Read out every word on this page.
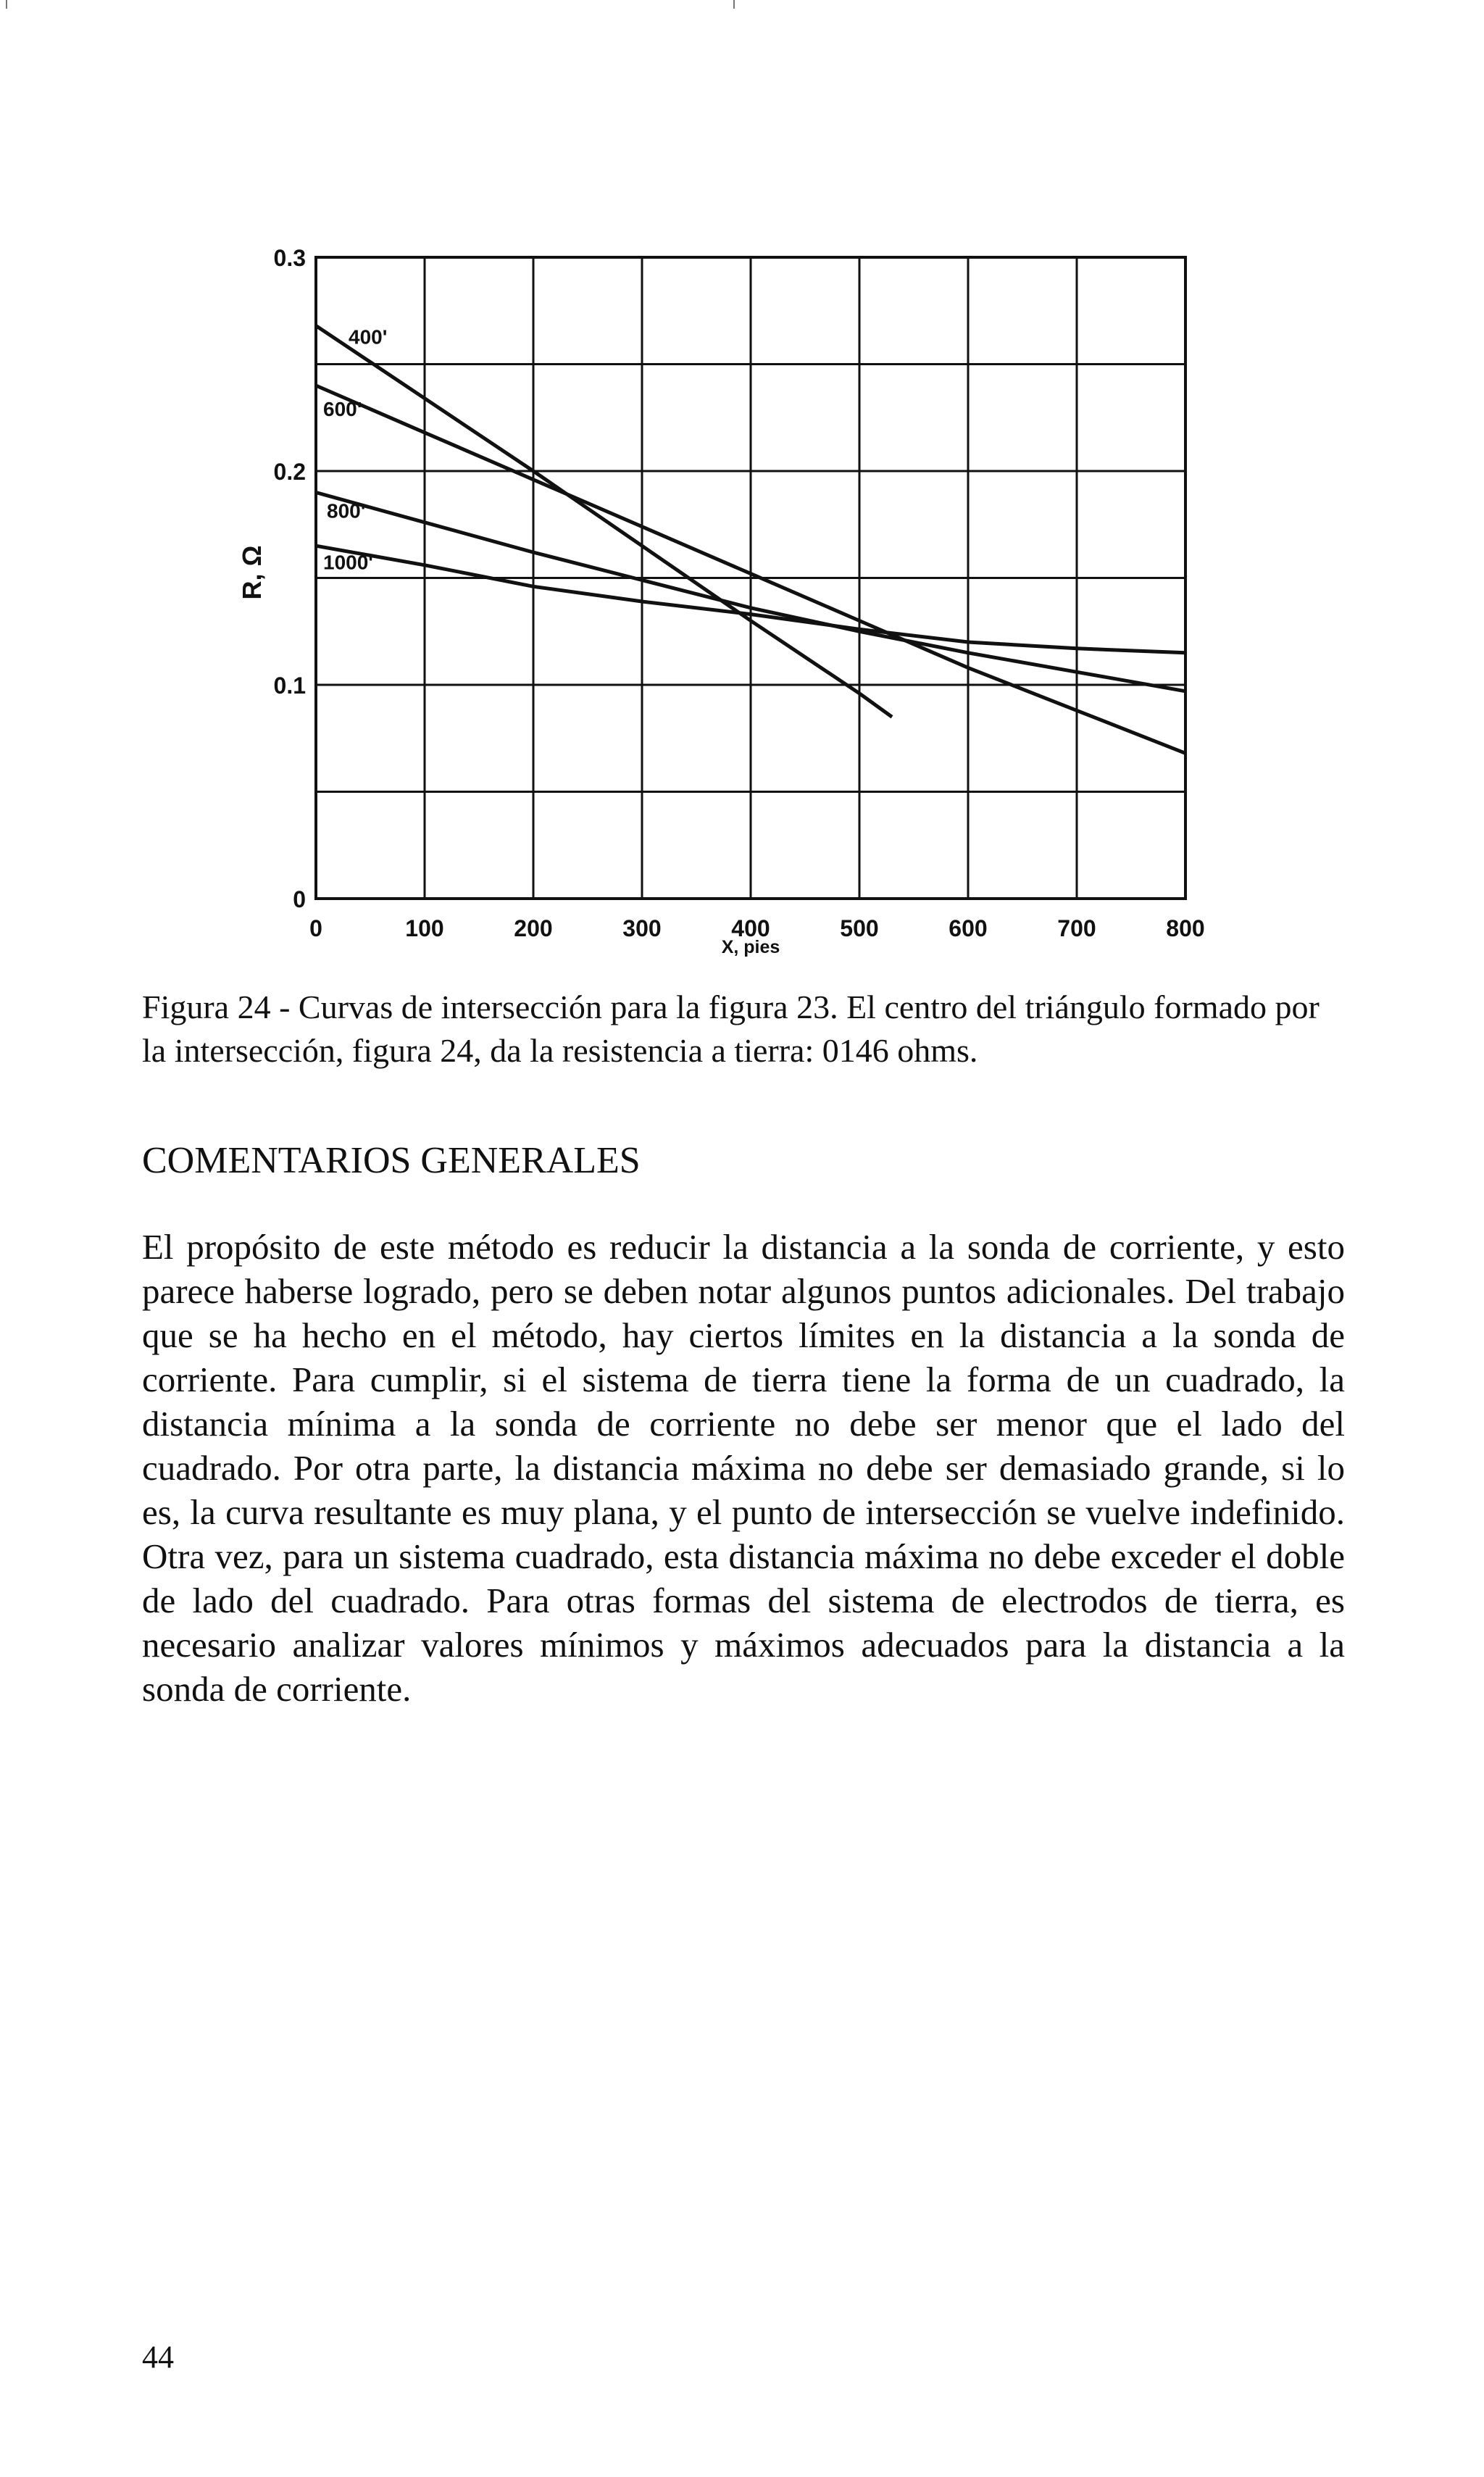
0	100	200	300	400	500	600	700	800
0
0.1
0.2
0.3
400'
600'
800'
1000'
R, Ω
X, pies

Figura 24 - Curvas de intersección para la figura 23. El centro del triángulo formado por la intersección, figura 24, da la resistencia a tierra: 0146 ohms.

COMENTARIOS GENERALES

El propósito de este método es reducir la distancia a la sonda de corriente, y esto parece haberse logrado, pero se deben notar algunos puntos adicionales. Del trabajo que se ha hecho en el método, hay ciertos límites en la distancia a la sonda de corriente. Para cumplir, si el sistema de tierra tiene la forma de un cuadrado, la distancia mínima a la sonda de corriente no debe ser menor que el lado del cuadrado. Por otra parte, la distancia máxima no debe ser demasiado grande, si lo es, la curva resultante es muy plana, y el punto de intersección se vuelve indefinido. Otra vez, para un sistema cuadrado, esta distancia máxima no debe exceder el doble de lado del cuadrado. Para otras formas del sistema de electrodos de tierra, es necesario analizar valores mínimos y máximos adecuados para la distancia a la sonda de corriente.

44
